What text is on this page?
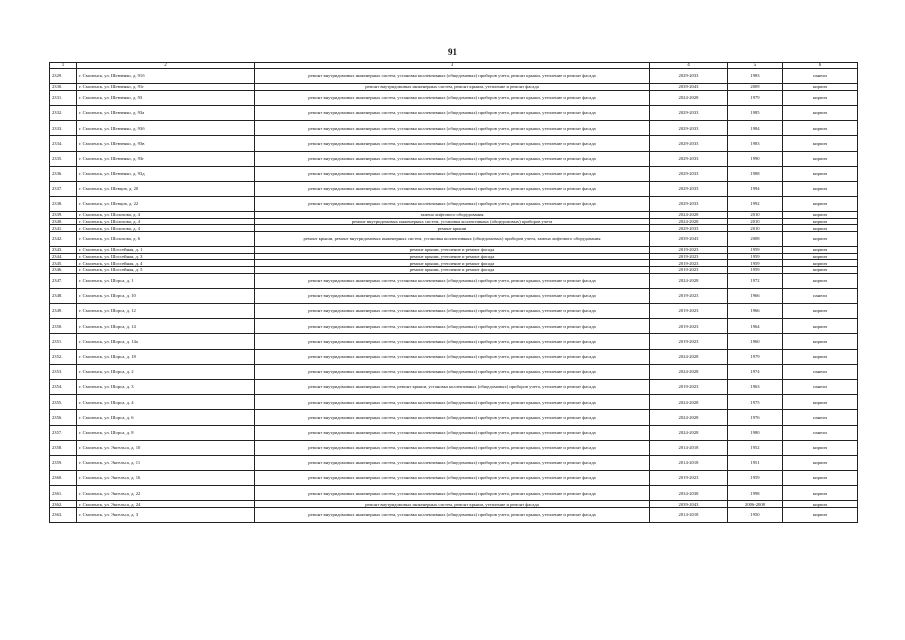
91
1	2	3	4	5	6
2329.	г. Смоленск, ул. Шевченко, д. 91б	ремонт внутридомовых инженерных систем, установка коллективных (общедомовых) приборов учета, ремонт крыши, утепление и ремонт фасада	2029-2033	1983	панели
2330.	г. Смоленск, ул. Шевченко, д. 91г	ремонт внутридомовых инженерных систем, ремонт крыши, утепление и ремонт фасада	2039-2043	2009	кирпич
2331.	г. Смоленск, ул. Шевченко, д. 93	ремонт внутридомовых инженерных систем, установка коллективных (общедомовых) приборов учета, ремонт крыши, утепление и ремонт фасада	2024-2028	1979	кирпич
2332.	г. Смоленск, ул. Шевченко, д. 93а	ремонт внутридомовых инженерных систем, установка коллективных (общедомовых) приборов учета, ремонт крыши, утепление и ремонт фасада	2029-2033	1985	кирпич
2333.	г. Смоленск, ул. Шевченко, д. 93б	ремонт внутридомовых инженерных систем, установка коллективных (общедомовых) приборов учета, ремонт крыши, утепление и ремонт фасада	2029-2033	1984	кирпич
2334.	г. Смоленск, ул. Шевченко, д. 93в	ремонт внутридомовых инженерных систем, установка коллективных (общедомовых) приборов учета, ремонт крыши, утепление и ремонт фасада	2029-2033	1983	кирпич
2335.	г. Смоленск, ул. Шевченко, д. 93г	ремонт внутридомовых инженерных систем, установка коллективных (общедомовых) приборов учета, ремонт крыши, утепление и ремонт фасада	2029-2033	1990	кирпич
2336.	г. Смоленск, ул. Шевченко, д. 93д	ремонт внутридомовых инженерных систем, установка коллективных (общедомовых) приборов учета, ремонт крыши, утепление и ремонт фасада	2029-2033	1988	кирпич
2337.	г. Смоленск, ул. Шевцов, д. 20	ремонт внутридомовых инженерных систем, установка коллективных (общедомовых) приборов учета, ремонт крыши, утепление и ремонт фасада	2029-2033	1994	кирпич
2338.	г. Смоленск, ул. Шевцов, д. 22	ремонт внутридомовых инженерных систем, установка коллективных (общедомовых) приборов учета, ремонт крыши, утепление и ремонт фасада	2029-2033	1992	кирпич
2339.	г. Смоленск, ул. Шолохова, д. 4	замена лифтового оборудования	2024-2028	2010	кирпич
2340.	г. Смоленск, ул. Шолохова, д. 4	ремонт внутридомовых инженерных систем, установка коллективных (общедомовых) приборов учета	2024-2028	2010	кирпич
2341.	г. Смоленск, ул. Шолохова, д. 4	ремонт крыши	2029-2033	2010	кирпич
2342.	г. Смоленск, ул. Шолохова, д. 6	ремонт крыши, ремонт внутридомовых инженерных систем, установка коллективных (общедомовых) приборов учета, замена лифтового оборудования	2039-2043	2008	кирпич
2343.	г. Смоленск, ул. Шоссейная, д. 1	ремонт крыши, утепление и ремонт фасада	2019-2023	1959	кирпич
2344.	г. Смоленск, ул. Шоссейная, д. 3	ремонт крыши, утепление и ремонт фасада	2019-2023	1959	кирпич
2345.	г. Смоленск, ул. Шоссейная, д. 4	ремонт крыши, утепление и ремонт фасада	2019-2023	1959	кирпич
2346.	г. Смоленск, ул. Шоссейная, д. 5	ремонт крыши, утепление и ремонт фасада	2019-2023	1959	кирпич
2347.	г. Смоленск, ул. Шорса, д. 1	ремонт внутридомовых инженерных систем, установка коллективных (общедомовых) приборов учета, ремонт крыши, утепление и ремонт фасада	2024-2028	1972	кирпич
2348.	г. Смоленск, ул. Шорса, д. 10	ремонт внутридомовых инженерных систем, установка коллективных (общедомовых) приборов учета, ремонт крыши, утепление и ремонт фасада	2019-2023	1966	панели
2349.	г. Смоленск, ул. Шорса, д. 12	ремонт внутридомовых инженерных систем, установка коллективных (общедомовых) приборов учета, ремонт крыши, утепление и ремонт фасада	2019-2023	1966	кирпич
2350.	г. Смоленск, ул. Шорса, д. 14	ремонт внутридомовых инженерных систем, установка коллективных (общедомовых) приборов учета, ремонт крыши, утепление и ремонт фасада	2019-2023	1964	кирпич
2351.	г. Смоленск, ул. Шорса, д. 14а	ремонт внутридомовых инженерных систем, установка коллективных (общедомовых) приборов учета, ремонт крыши, утепление и ремонт фасада	2019-2023	1960	кирпич
2352.	г. Смоленск, ул. Шорса, д. 18	ремонт внутридомовых инженерных систем, установка коллективных (общедомовых) приборов учета, ремонт крыши, утепление и ремонт фасада	2024-2028	1979	кирпич
2353.	г. Смоленск, ул. Шорса, д. 2	ремонт внутридомовых инженерных систем, установка коллективных (общедомовых) приборов учета, ремонт крыши, утепление и ремонт фасада	2024-2028	1974	панели
2354.	г. Смоленск, ул. Шорса, д. 3	ремонт внутридомовых инженерных систем, ремонт крыши, установка коллективных (общедомовых) приборов учета, утепление и ремонт фасада	2019-2023	1963	панели
2355.	г. Смоленск, ул. Шорса, д. 4	ремонт внутридомовых инженерных систем, установка коллективных (общедомовых) приборов учета, ремонт крыши, утепление и ремонт фасада	2024-2028	1975	кирпич
2356.	г. Смоленск, ул. Шорса, д. 6	ремонт внутридомовых инженерных систем, установка коллективных (общедомовых) приборов учета, ремонт крыши, утепление и ремонт фасада	2024-2028	1976	панели
2357.	г. Смоленск, ул. Шорса, д. 8	ремонт внутридомовых инженерных систем, установка коллективных (общедомовых) приборов учета, ремонт крыши, утепление и ремонт фасада	2024-2028	1980	панели
2358.	г. Смоленск, ул. Энгельса, д. 10	ремонт внутридомовых инженерных систем, установка коллективных (общедомовых) приборов учета, ремонт крыши, утепление и ремонт фасада	2014-2018	1952	кирпич
2359.	г. Смоленск, ул. Энгельса, д. 11	ремонт внутридомовых инженерных систем, установка коллективных (общедомовых) приборов учета, ремонт крыши, утепление и ремонт фасада	2014-2018	1951	кирпич
2360.	г. Смоленск, ул. Энгельса, д. 16	ремонт внутридомовых инженерных систем, установка коллективных (общедомовых) приборов учета, ремонт крыши, утепление и ремонт фасада	2019-2023	1959	кирпич
2361.	г. Смоленск, ул. Энгельса, д. 22	ремонт внутридомовых инженерных систем, установка коллективных (общедомовых) приборов учета, ремонт крыши, утепление и ремонт фасада	2034-2038	1998	кирпич
2362.	г. Смоленск, ул. Энгельса, д. 24	ремонт внутридомовых инженерных систем, ремонт крыши, утепление и ремонт фасада	2039-2043	2006-2008	кирпич
2363.	г. Смоленск, ул. Энгельса, д. 3	ремонт внутридомовых инженерных систем, установка коллективных (общедомовых) приборов учета, ремонт крыши, утепление и ремонт фасада	2014-2018	1950	кирпич
